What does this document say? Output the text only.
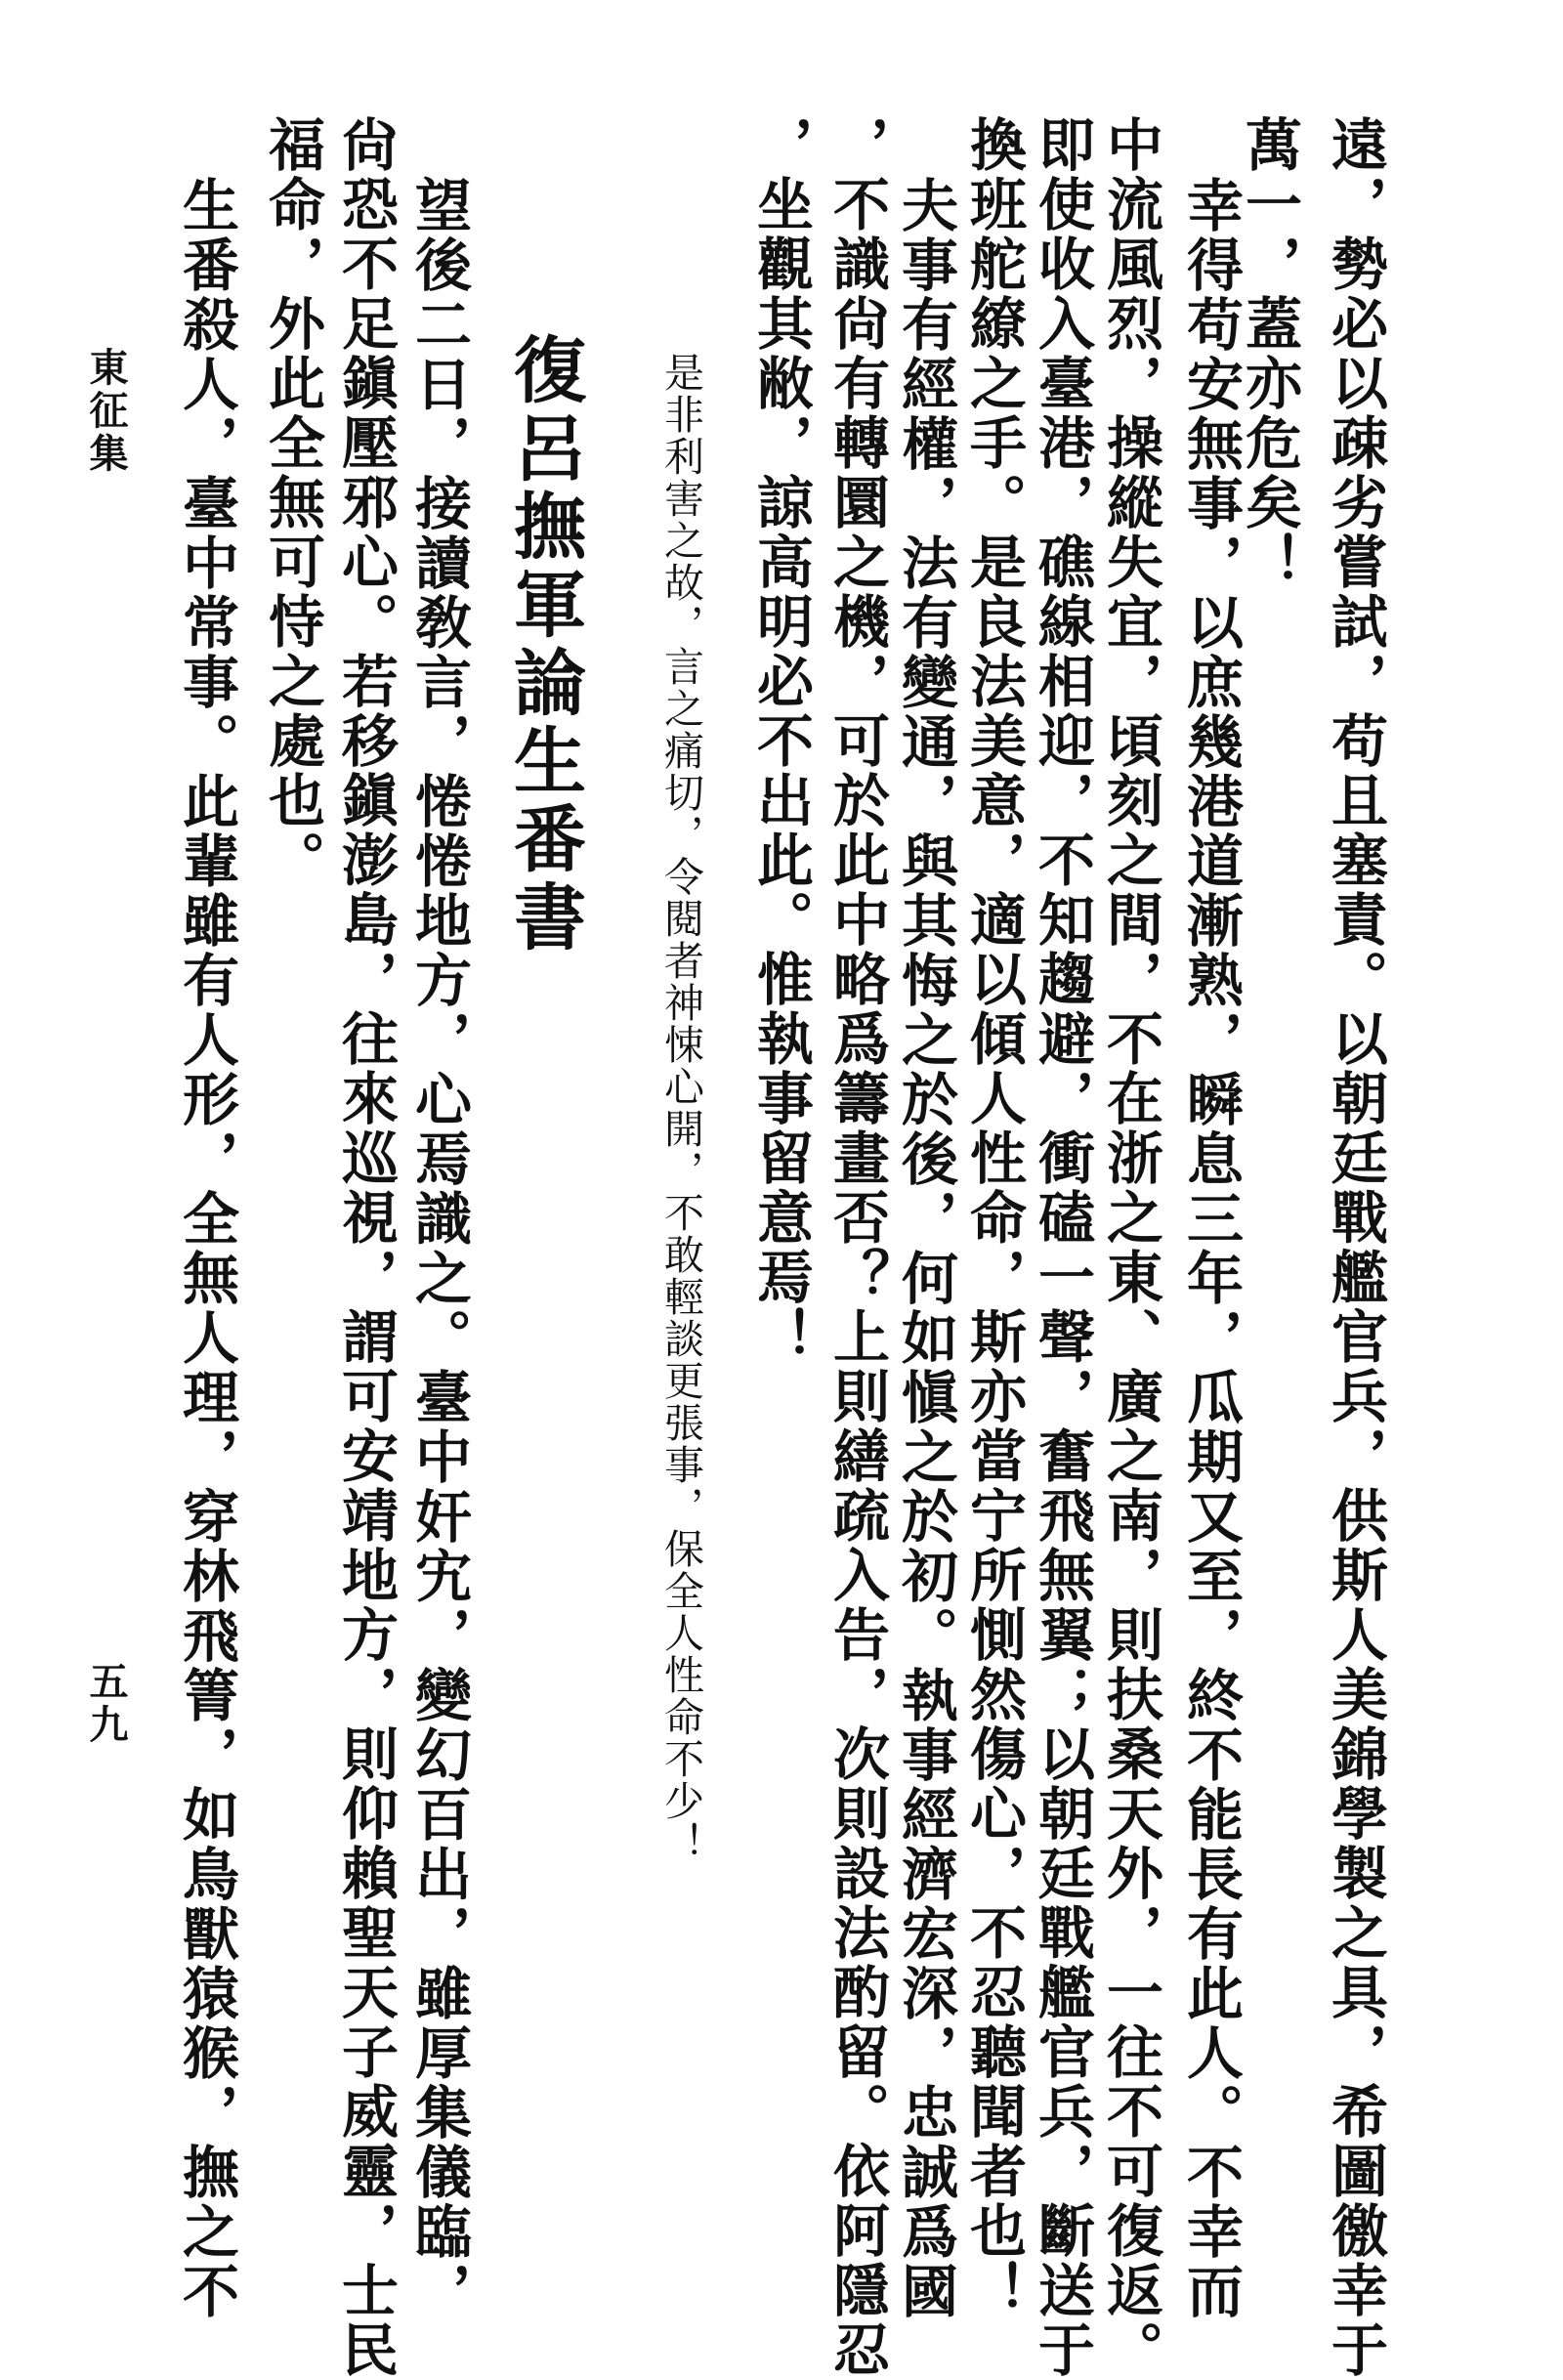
遠，勢必以疎劣嘗試，苟且塞責。以朝廷戰艦官兵，供斯人美錦學製之具，希圖徼幸于
萬一，蓋亦危矣！
幸得苟安無事，以庶幾港道漸熟，瞬息三年，瓜期又至，終不能長有此人。不幸而
中流風烈，操縱失宜，頃刻之間，不在浙之東、廣之南，則扶桑天外，一往不可復返。
即使收入臺港，礁線相迎，不知趨避，衝磕一聲，奮飛無翼；以朝廷戰艦官兵，斷送于
換班舵繚之手。是良法美意，適以傾人性命，斯亦當宁所惻然傷心，不忍聽聞者也！
夫事有經權，法有變通，與其悔之於後，何如愼之於初。執事經濟宏深，忠誠爲國
，不識尙有轉圜之機，可於此中略爲籌畫否？上則繕疏入告，次則設法酌留。依阿隱忍
，坐觀其敝，諒高明必不出此。惟執事留意焉！
是非利害之故，言之痛切，令閱者神悚心開，不敢輕談更張事，保全人性命不少！
復呂撫軍論生番書
望後二日，接讀敎言，惓惓地方，心焉識之。臺中奸宄，變幻百出，雖厚集儀臨，
尙恐不足鎭壓邪心。若移鎭澎島，往來巡視，謂可安靖地方，則仰賴聖天子威靈，士民
福命，外此全無可恃之處也。
生番殺人，臺中常事。此輩雖有人形，全無人理，穿林飛箐，如鳥獸猿猴，撫之不
東征集
五九
